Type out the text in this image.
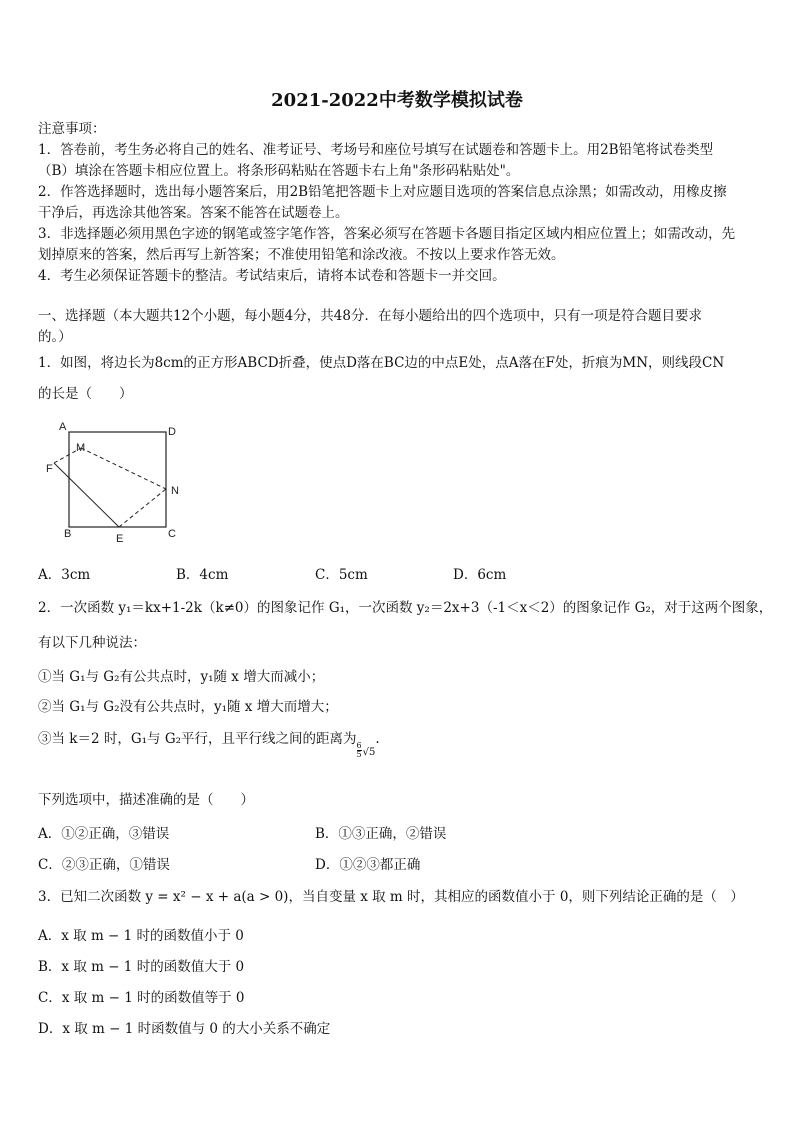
2021-2022中考数学模拟试卷
注意事项：
1．答卷前，考生务必将自己的姓名、准考证号、考场号和座位号填写在试题卷和答题卡上。用2B铅笔将试卷类型
（B）填涂在答题卡相应位置上。将条形码粘贴在答题卡右上角"条形码粘贴处"。
2．作答选择题时，选出每小题答案后，用2B铅笔把答题卡上对应题目选项的答案信息点涂黑；如需改动，用橡皮擦
干净后，再选涂其他答案。答案不能答在试题卷上。
3．非选择题必须用黑色字迹的钢笔或签字笔作答，答案必须写在答题卡各题目指定区域内相应位置上；如需改动，先
划掉原来的答案，然后再写上新答案；不准使用铅笔和涂改液。不按以上要求作答无效。
4．考生必须保证答题卡的整洁。考试结束后，请将本试卷和答题卡一并交回。
一、选择题（本大题共12个小题，每小题4分，共48分．在每小题给出的四个选项中，只有一项是符合题目要求
的。）
1．如图，将边长为8cm的正方形ABCD折叠，使点D落在BC边的中点E处，点A落在F处，折痕为MN，则线段CN
的长是（　　）
A	D
M
F
N
B	E	C
A．3cm	B．4cm	C．5cm	D．6cm
2．一次函数 y₁＝kx+1-2k（k≠0）的图象记作 G₁，一次函数 y₂＝2x+3（-1＜x＜2）的图象记作 G₂，对于这两个图象，
有以下几种说法：
①当 G₁与 G₂有公共点时，y₁随 x 增大而减小；
②当 G₁与 G₂没有公共点时，y₁随 x 增大而增大；
③当 k＝2 时，G₁与 G₂平行，且平行线之间的距离为
$\frac{6}{5} _{√5}$.
下列选项中，描述准确的是（　　）
A．①②正确，③错误	B．①③正确，②错误
C．②③正确，①错误	D．①②③都正确
3．已知二次函数 y = x² − x + a(a > 0)，当自变量 x 取 m 时，其相应的函数值小于 0，则下列结论正确的是（　）
A．x 取 m − 1 时的函数值小于 0
B．x 取 m − 1 时的函数值大于 0
C．x 取 m − 1 时的函数值等于 0
D．x 取 m − 1 时函数值与 0 的大小关系不确定
